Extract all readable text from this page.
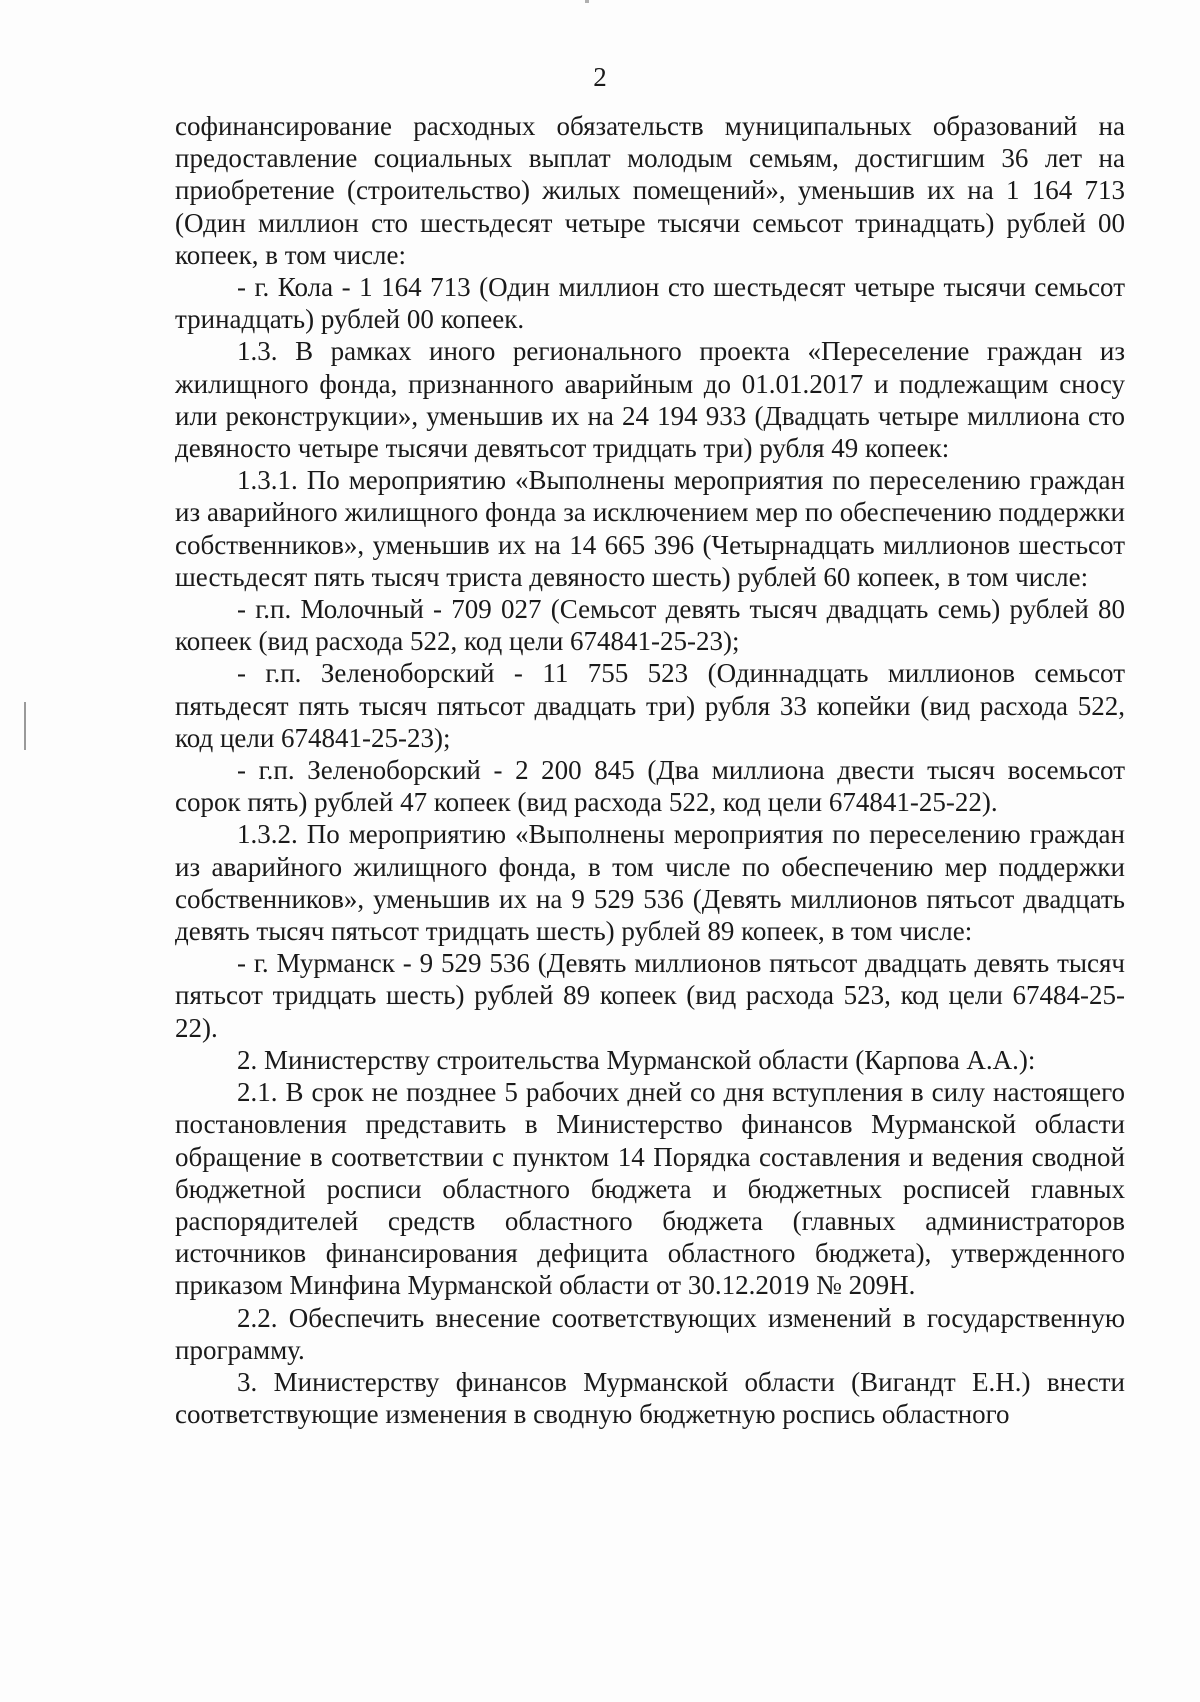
2

софинансирование расходных обязательств муниципальных образований на предоставление социальных выплат молодым семьям, достигшим 36 лет на приобретение (строительство) жилых помещений», уменьшив их на 1 164 713 (Один миллион сто шестьдесят четыре тысячи семьсот тринадцать) рублей 00 копеек, в том числе:

- г. Кола - 1 164 713 (Один миллион сто шестьдесят четыре тысячи семьсот тринадцать) рублей 00 копеек.

1.3. В рамках иного регионального проекта «Переселение граждан из жилищного фонда, признанного аварийным до 01.01.2017 и подлежащим сносу или реконструкции», уменьшив их на 24 194 933 (Двадцать четыре миллиона сто девяносто четыре тысячи девятьсот тридцать три) рубля 49 копеек:

1.3.1. По мероприятию «Выполнены мероприятия по переселению граждан из аварийного жилищного фонда за исключением мер по обеспечению поддержки собственников», уменьшив их на 14 665 396 (Четырнадцать миллионов шестьсот шестьдесят пять тысяч триста девяносто шесть) рублей 60 копеек, в том числе:

- г.п. Молочный - 709 027 (Семьсот девять тысяч двадцать семь) рублей 80 копеек (вид расхода 522, код цели 674841-25-23);

- г.п. Зеленоборский - 11 755 523 (Одиннадцать миллионов семьсот пятьдесят пять тысяч пятьсот двадцать три) рубля 33 копейки (вид расхода 522, код цели 674841-25-23);

- г.п. Зеленоборский - 2 200 845 (Два миллиона двести тысяч восемьсот сорок пять) рублей 47 копеек (вид расхода 522, код цели 674841-25-22).

1.3.2. По мероприятию «Выполнены мероприятия по переселению граждан из аварийного жилищного фонда, в том числе по обеспечению мер поддержки собственников», уменьшив их на 9 529 536 (Девять миллионов пятьсот двадцать девять тысяч пятьсот тридцать шесть) рублей 89 копеек, в том числе:

- г. Мурманск - 9 529 536 (Девять миллионов пятьсот двадцать девять тысяч пятьсот тридцать шесть) рублей 89 копеек (вид расхода 523, код цели 67484-25-22).

2. Министерству строительства Мурманской области (Карпова А.А.):

2.1. В срок не позднее 5 рабочих дней со дня вступления в силу настоящего постановления представить в Министерство финансов Мурманской области обращение в соответствии с пунктом 14 Порядка составления и ведения сводной бюджетной росписи областного бюджета и бюджетных росписей главных распорядителей средств областного бюджета (главных администраторов источников финансирования дефицита областного бюджета), утвержденного приказом Минфина Мурманской области от 30.12.2019 № 209Н.

2.2. Обеспечить внесение соответствующих изменений в государственную программу.

3. Министерству финансов Мурманской области (Вигандт Е.Н.) внести соответствующие изменения в сводную бюджетную роспись областного
